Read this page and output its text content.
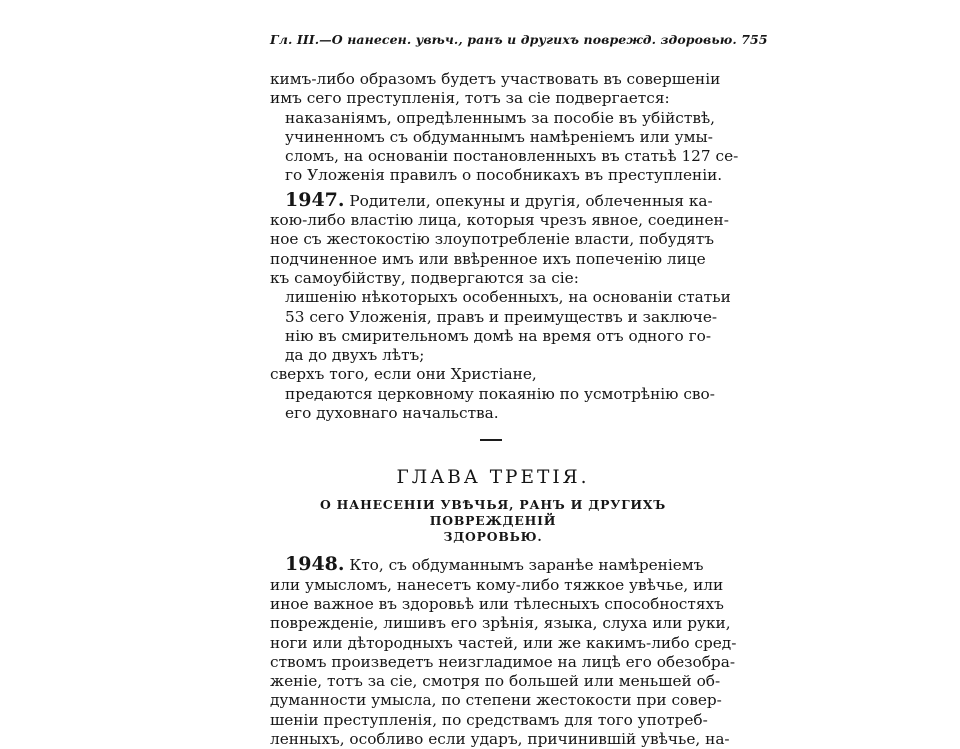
Гл. III.—О нанесен. увѣч., ранъ и другихъ поврежд. здоровью. 755

кимъ-либо образомъ будетъ участвовать въ совершенiи

имъ сего преступленiя, тотъ за сiе подвергается:

наказанiямъ, опредѣленнымъ за пособiе въ убiйствѣ,

учиненномъ съ обдуманнымъ намѣренiемъ или умы-

сломъ, на основанiи постановленныхъ въ статьѣ 127 се-

го Уложенiя правилъ о пособникахъ въ преступленiи.

1947. Родители, опекуны и другiя, облеченныя ка-

кою-либо властiю лица, которыя чрезъ явное, соединен-

ное съ жестокостiю злоупотребленiе власти, побудятъ

подчиненное имъ или ввѣренное ихъ попеченiю лице

къ самоубiйству, подвергаются за сiе:

лишенiю нѣкоторыхъ особенныхъ, на основанiи статьи

53 сего Уложенiя, правъ и преимуществъ и заключе-

нiю въ смирительномъ домѣ на время отъ одного го-

да до двухъ лѣтъ;

сверхъ того, если они Христiане,

предаются церковному покаянiю по усмотрѣнiю сво-

его духовнаго начальства.

ГЛАВА ТРЕТIЯ.
О НАНЕСЕНIИ УВѢЧЬЯ, РАНЪ И ДРУГИХЪ ПОВРЕЖДЕНIЙ
ЗДОРОВЬЮ.

1948. Кто, съ обдуманнымъ заранѣе намѣренiемъ

или умысломъ, нанесетъ кому-либо тяжкое увѣчье, или

иное важное въ здоровьѣ или тѣлесныхъ способностяхъ

поврежденiе, лишивъ его зрѣнiя, языка, слуха или руки,

ноги или дѣторoдныхъ частей, или же какимъ-либо сред-

ствомъ произведетъ неизгладимое на лицѣ его обезобра-

женiе, тотъ за сiе, смотря по большей или меньшей об-

думанности умысла, по степени жестокости при совер-

шенiи преступленiя, по средствамъ для того употреб-

ленныхъ, особливо если ударъ, причинившiй увѣчье, на-
